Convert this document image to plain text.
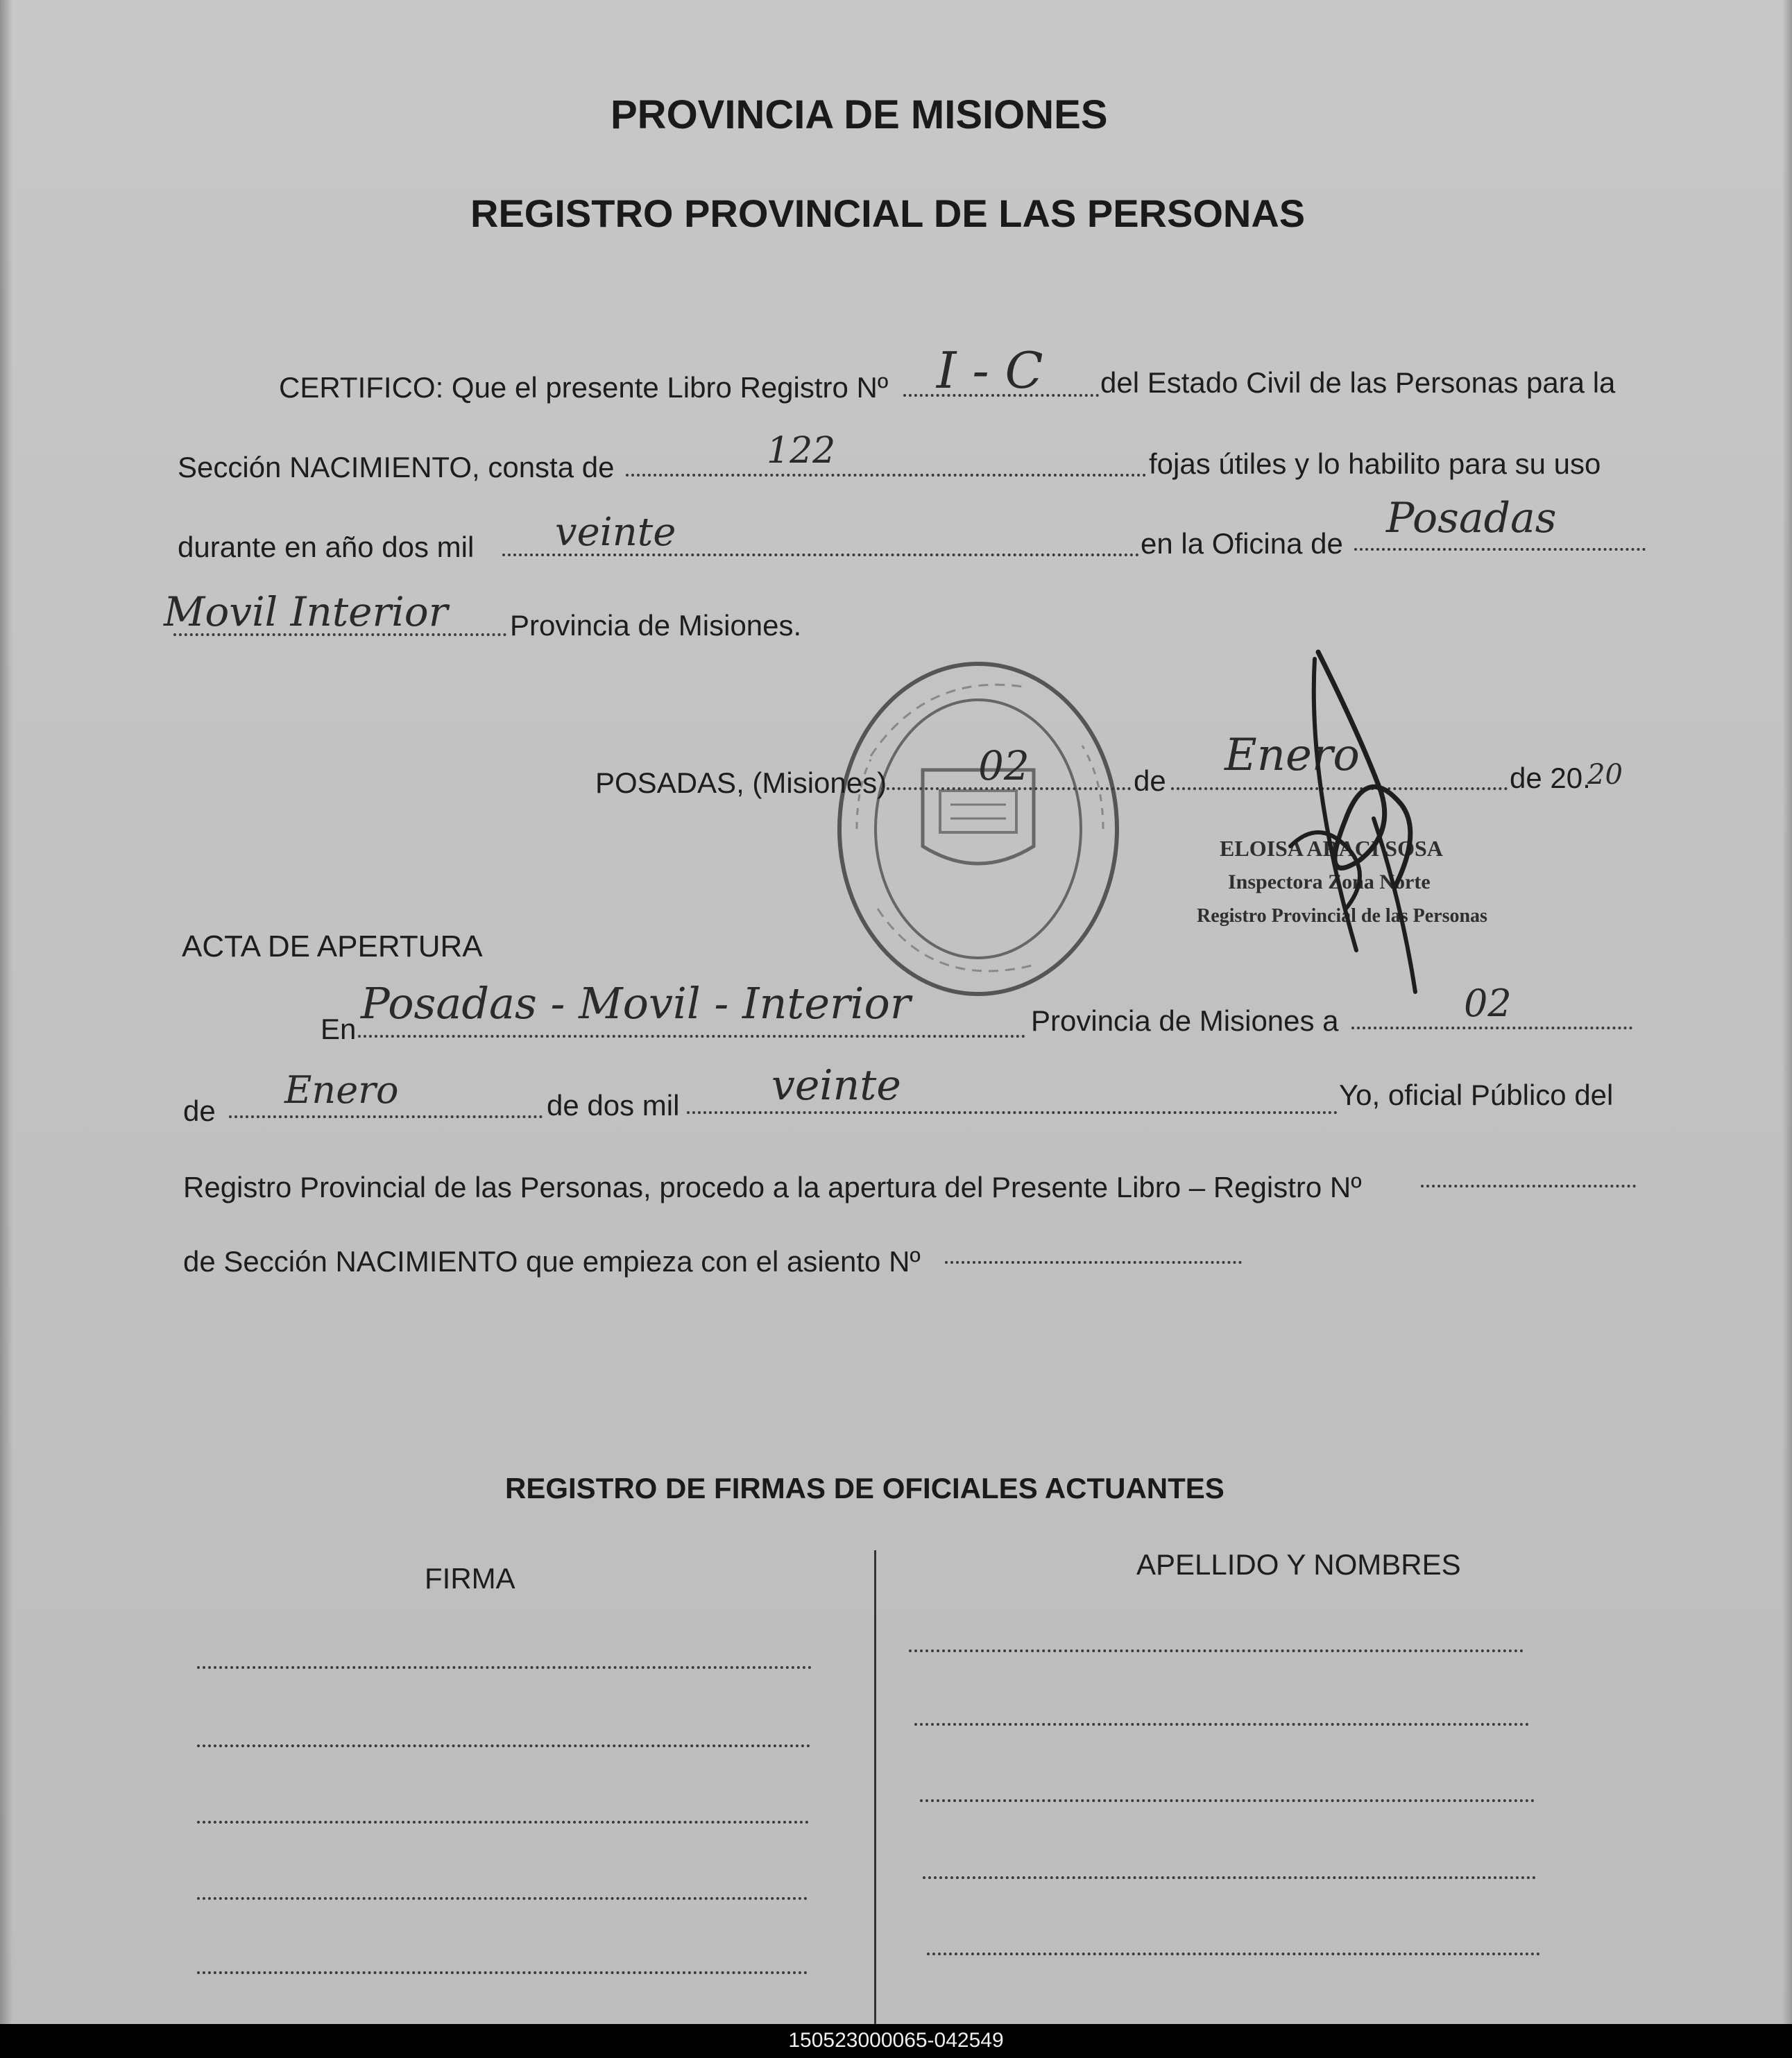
PROVINCIA DE MISIONES
REGISTRO PROVINCIAL DE LAS PERSONAS
CERTIFICO: Que el presente Libro Registro Nº I - C del Estado Civil de las Personas para la
Sección NACIMIENTO, consta de	122	fojas útiles y lo habilito para su uso
durante en año dos mil veinte	en la Oficina de
Posadas
Movil Interior Provincia de Misiones.
POSADAS, (Misiones) 02	de Enero	de 20.
20
ELOISA ARACI SOSA
Inspectora Zona Norte
Registro Provincial de las Personas
ACTA DE APERTURA
En
Posadas - Movil - Interior	Provincia de Misiones a	02
de Enero	de dos mil veinte	Yo, oficial Público del
Registro Provincial de las Personas, procedo a la apertura del Presente Libro – Registro Nº
de Sección NACIMIENTO que empieza con el asiento Nº
REGISTRO DE FIRMAS DE OFICIALES ACTUANTES
FIRMA	APELLIDO Y NOMBRES
150523000065-042549
